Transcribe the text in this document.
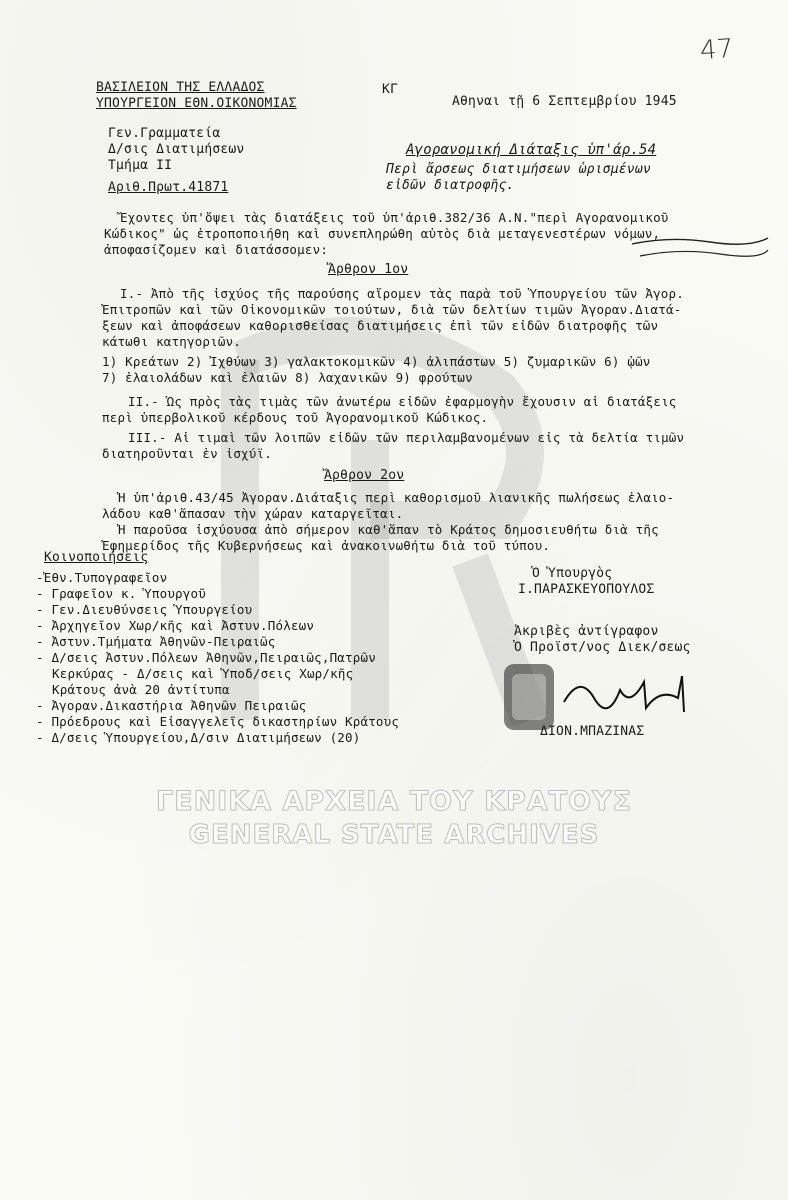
47
ΒΑΣΙΛΕΙΟΝ ΤΗΣ ΕΛΛΑΔΟΣ
ΥΠΟΥΡΓΕΙΟΝ ΕΘΝ.ΟΙΚΟΝΟΜΙΑΣ
Γεν.Γραμματεία
Δ/σις Διατιμήσεων
Τμήμα ΙΙ
Αριθ.Πρωτ.41871
ΚΓ
Αθηναι τῇ 6 Σεπτεμβρίου 1945
Αγορανομική Διάταξις ὑπ'άρ.54
Περὶ ἄρσεως διατιμήσεων ὡρισμένων
εἰδῶν διατροφῆς.
Ἔχοντες ὑπ'ὄψει τὰς διατάξεις τοῦ ὑπ'ἀριθ.382/36 Α.Ν."περὶ Αγορανομικοῦ
Κώδικος" ὡς ἐτροποποιήθη καὶ συνεπληρώθη αὐτὸς διὰ μεταγενεστέρων νόμων,
ἀποφασίζομεν καὶ διατάσσομεν:
Ἄρθρον 1ον
Ι.- Ἀπὸ τῆς ἰσχύος τῆς παρούσης αἴρομεν τὰς παρὰ τοῦ Ὑπουργείου τῶν Ἀγορ.
Ἐπιτροπῶν καὶ τῶν Οἰκονομικῶν τοιούτων, διὰ τῶν δελτίων τιμῶν Ἀγοραν.Διατά-
ξεων καὶ ἀποφάσεων καθορισθείσας διατιμήσεις ἐπὶ τῶν εἰδῶν διατροφῆς τῶν
κάτωθι κατηγοριῶν.
1) Κρεάτων 2) Ἰχθύων 3) γαλακτοκομικῶν 4) ἀλιπάστων 5) ζυμαρικῶν 6) ᾠῶν
7) ἐλαιολάδων καὶ ἐλαιῶν 8) λαχανικῶν 9) φρούτων
ΙΙ.- Ὡς πρὸς τὰς τιμὰς τῶν ἀνωτέρω εἰδῶν ἐφαρμογὴν ἔχουσιν αἱ διατάξεις
περὶ ὑπερβολικοῦ κέρδους τοῦ Ἀγορανομικοῦ Κώδικος.
ΙΙΙ.- Αἱ τιμαὶ τῶν λοιπῶν εἰδῶν τῶν περιλαμβανομένων εἰς τὰ δελτία τιμῶν
διατηροῦνται ἐν ἰσχύϊ.
Ἄρθρον 2ον
Ἡ ὑπ'ἀριθ.43/45 Ἀγοραν.Διάταξις περὶ καθορισμοῦ λιανικῆς πωλήσεως ἐλαιο-
λάδου καθ'ἅπασαν τὴν χώραν καταργεῖται.
Ἡ παροῦσα ἰσχύουσα ἀπὸ σήμερον καθ'ἅπαν τὸ Κράτος δημοσιευθήτω διὰ τῆς
Ἐφημερίδος τῆς Κυβερνήσεως καὶ ἀνακοινωθήτω διὰ τοῦ τύπου.
Κοινοποιήσεις
-Ἐθν.Τυπογραφεῖον
- Γραφεῖον κ. Ὑπουργοῦ
- Γεν.Διευθύνσεις Ὑπουργείου
- Ἀρχηγεῖον Χωρ/κῆς καὶ Ἀστυν.Πόλεων
- Ἀστυν.Τμήματα Ἀθηνῶν-Πειραιῶς
- Δ/σεις Ἀστυν.Πόλεων Ἀθηνῶν,Πειραιῶς,Πατρῶν
Κερκύρας - Δ/σεις καὶ Ὑποδ/σεις Χωρ/κῆς
Κράτους ἀνὰ 20 ἀντίτυπα
- Ἀγοραν.Δικαστήρια Ἀθηνῶν Πειραιῶς
- Πρόεδρους καὶ Εἰσαγγελεῖς δικαστηρίων Κράτους
- Δ/σεις Ὑπουργείου,Δ/σιν Διατιμήσεων (20)
Ὁ Ὑπουργὸς
Ι.ΠΑΡΑΣΚΕΥΟΠΟΥΛΟΣ
Ἀκριβὲς ἀντίγραφον
Ὁ Προϊστ/νος Διεκ/σεως
ΔΙΟΝ.ΜΠΑΖΙΝΑΣ
ΓΕΝΙΚΑ ΑΡΧΕΙΑ ΤΟΥ ΚΡΑΤΟΥΣ
GENERAL STATE ARCHIVES
